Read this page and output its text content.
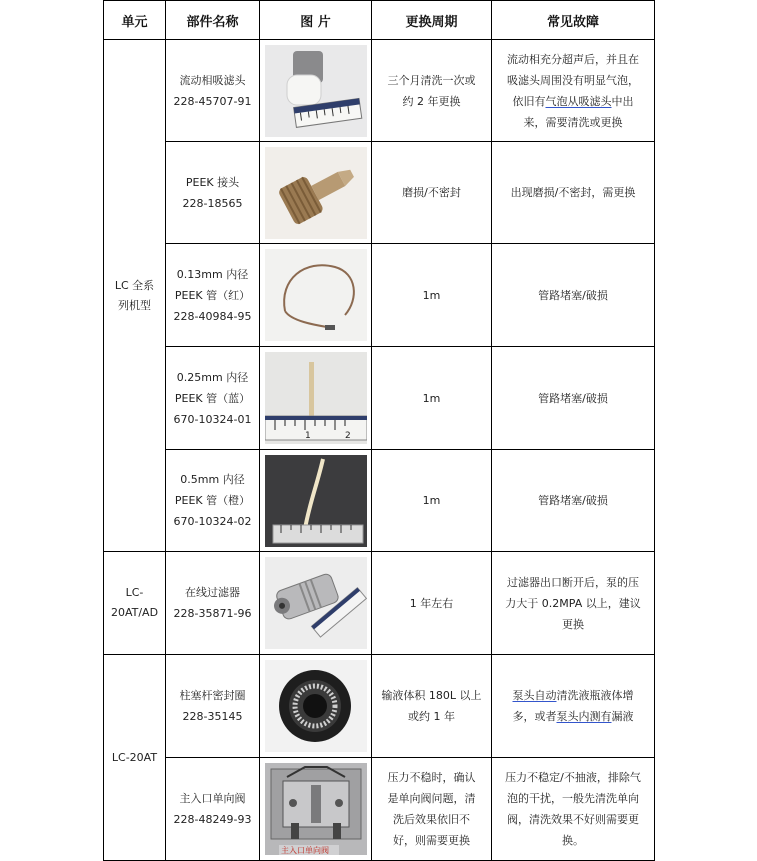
单元	部件名称	图 片	更换周期	常见故障

LC 全系
列机型	流动相吸滤头
228-45707-91		三个月清洗一次或
约 2 年更换	流动相充分超声后，并且在
吸滤头周围没有明显气泡，
依旧有气泡从吸滤头中出
来，需要清洗或更换

	PEEK 接头
228-18565		磨损/不密封	出现磨损/不密封，需更换

	0.13mm 内径
PEEK 管（红）
228-40984-95		1m	管路堵塞/破损

	0.25mm 内径
PEEK 管（蓝）
670-10324-01	1 2	1m	管路堵塞/破损

	0.5mm 内径
PEEK 管（橙）
670-10324-02		1m	管路堵塞/破损

LC-
20AT/AD	在线过滤器
228-35871-96		1 年左右	过滤器出口断开后，泵的压
力大于 0.2MPA 以上，建议
更换

LC-20AT	柱塞杆密封圈
228-35145		输液体积 180L 以上
或约 1 年	泵头自动清洗液瓶液体增
多，或者泵头内测有漏液

	主入口单向阀
228-48249-93	主入口单向阀	压力不稳时，确认
是单向阀问题，清
洗后效果依旧不
好，则需要更换	压力不稳定/不抽液，排除气
泡的干扰，一般先清洗单向
阀，清洗效果不好则需要更
换。
